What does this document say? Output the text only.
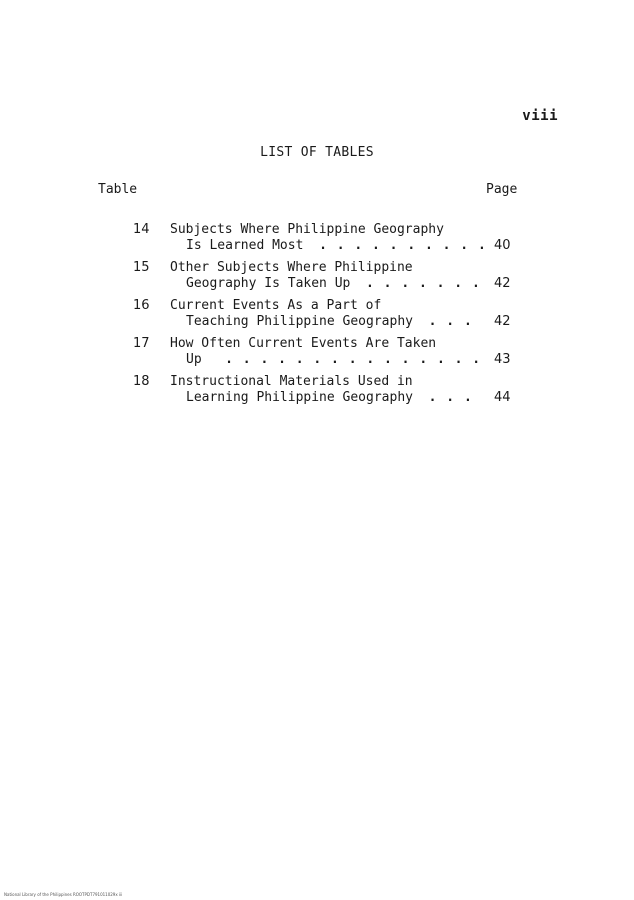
viii
LIST OF TABLES
Table	Page
14 Subjects Where Philippine Geography
Is Learned Most . . . . . . . . . . 40
15 Other Subjects Where Philippine
Geography Is Taken Up . . . . . . . 42
16 Current Events As a Part of
Teaching Philippine Geography . . . 42
17 How Often Current Events Are Taken
Up . . . . . . . . . . . . . . . 43
18 Instructional Materials Used in
Learning Philippine Geography . . . 44
National Library of the Philippines ROOTPDT791011029x iii
